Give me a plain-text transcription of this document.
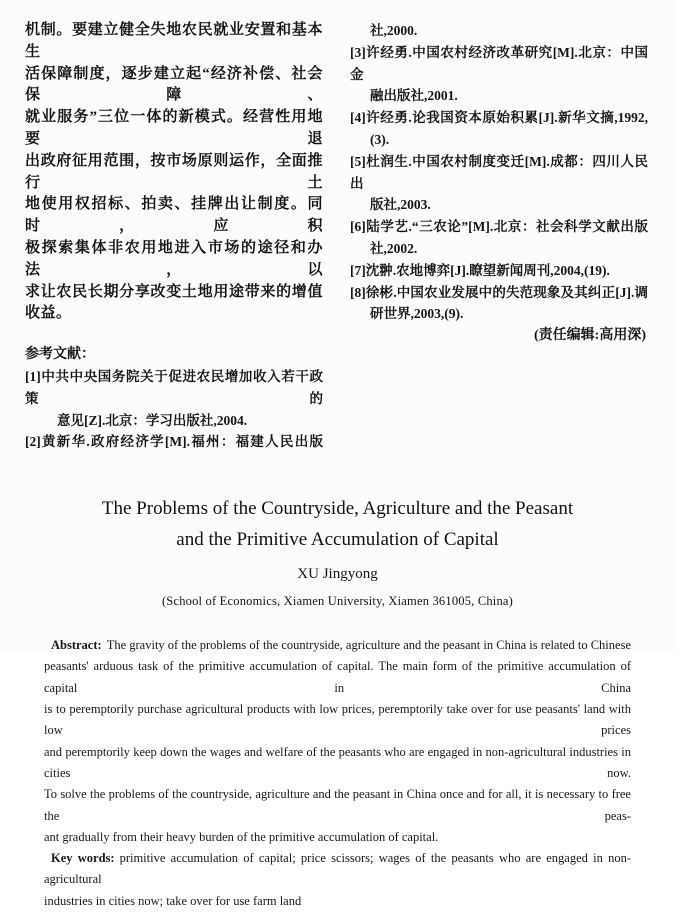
机制。要建立健全失地农民就业安置和基本生
活保障制度，逐步建立起“经济补偿、社会保障、
就业服务”三位一体的新模式。经营性用地要退
出政府征用范围，按市场原则运作，全面推行土
地使用权招标、拍卖、挂牌出让制度。同时，应积
极探索集体非农用地进入市场的途径和办法，以
求让农民长期分享改变土地用途带来的增值
收益。
参考文献：
[1]中共中央国务院关于促进农民增加收入若干政策的
意见[Z].北京：学习出版社,2004.
[2]黄新华.政府经济学[M].福州：福建人民出版
社,2000.
[3]许经勇.中国农村经济改革研究[M].北京：中国金
融出版社,2001.
[4]许经勇.论我国资本原始积累[J].新华文摘,1992,
(3).
[5]杜润生.中国农村制度变迁[M].成都：四川人民出
版社,2003.
[6]陆学艺.“三农论”[M].北京：社会科学文献出版
社,2002.
[7]沈翀.农地博弈[J].瞭望新闻周刊,2004,(19).
[8]徐彬.中国农业发展中的失范现象及其纠正[J].调
研世界,2003,(9).
(责任编辑:高用深)
The Problems of the Countryside, Agriculture and the Peasant
and the Primitive Accumulation of Capital
XU Jingyong
(School of Economics, Xiamen University, Xiamen 361005, China)
Abstract: The gravity of the problems of the countryside, agriculture and the peasant in China is related to Chinese
peasants' arduous task of the primitive accumulation of capital. The main form of the primitive accumulation of capital in China
is to peremptorily purchase agricultural products with low prices, peremptorily take over for use peasants' land with low prices
and peremptorily keep down the wages and welfare of the peasants who are engaged in non-agricultural industries in cities now.
To solve the problems of the countryside, agriculture and the peasant in China once and for all, it is necessary to free the peas-
ant gradually from their heavy burden of the primitive accumulation of capital.
Key words: primitive accumulation of capital; price scissors; wages of the peasants who are engaged in non-agricultural
industries in cities now; take over for use farm land
